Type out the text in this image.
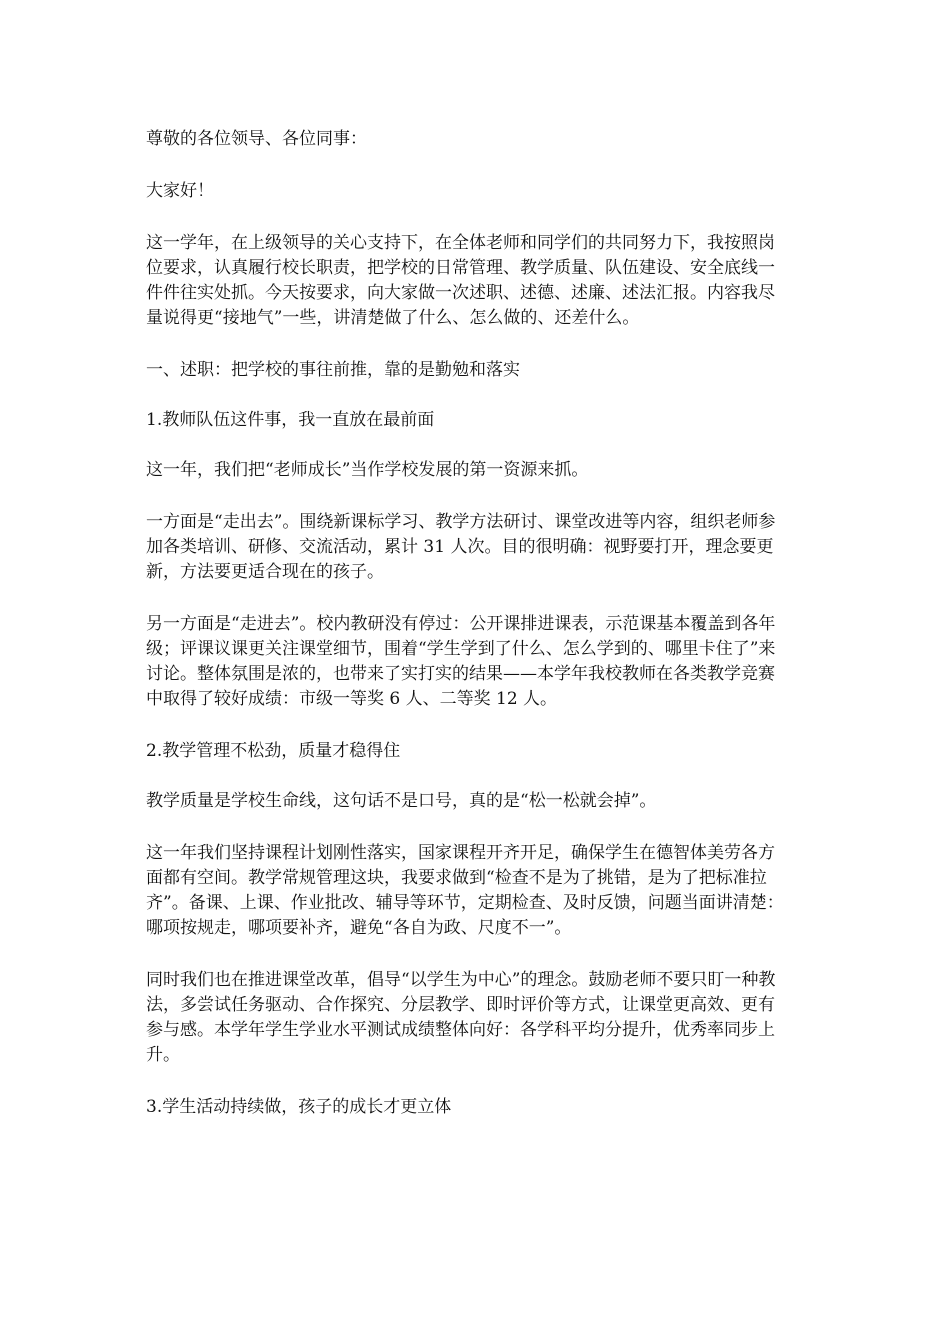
尊敬的各位领导、各位同事：

大家好！

这一学年，在上级领导的关心支持下，在全体老师和同学们的共同努力下，我按照岗位要求，认真履行校长职责，把学校的日常管理、教学质量、队伍建设、安全底线一件件往实处抓。今天按要求，向大家做一次述职、述德、述廉、述法汇报。内容我尽量说得更“接地气”一些，讲清楚做了什么、怎么做的、还差什么。

一、述职：把学校的事往前推，靠的是勤勉和落实

1.教师队伍这件事，我一直放在最前面

这一年，我们把“老师成长”当作学校发展的第一资源来抓。

一方面是“走出去”。围绕新课标学习、教学方法研讨、课堂改进等内容，组织老师参加各类培训、研修、交流活动，累计 31 人次。目的很明确：视野要打开，理念要更新，方法要更适合现在的孩子。

另一方面是“走进去”。校内教研没有停过：公开课排进课表，示范课基本覆盖到各年级；评课议课更关注课堂细节，围着“学生学到了什么、怎么学到的、哪里卡住了”来讨论。整体氛围是浓的，也带来了实打实的结果——本学年我校教师在各类教学竞赛中取得了较好成绩：市级一等奖 6 人、二等奖 12 人。

2.教学管理不松劲，质量才稳得住

教学质量是学校生命线，这句话不是口号，真的是“松一松就会掉”。

这一年我们坚持课程计划刚性落实，国家课程开齐开足，确保学生在德智体美劳各方面都有空间。教学常规管理这块，我要求做到“检查不是为了挑错，是为了把标准拉齐”。备课、上课、作业批改、辅导等环节，定期检查、及时反馈，问题当面讲清楚：哪项按规走，哪项要补齐，避免“各自为政、尺度不一”。

同时我们也在推进课堂改革，倡导“以学生为中心”的理念。鼓励老师不要只盯一种教法，多尝试任务驱动、合作探究、分层教学、即时评价等方式，让课堂更高效、更有参与感。本学年学生学业水平测试成绩整体向好：各学科平均分提升，优秀率同步上升。

3.学生活动持续做，孩子的成长才更立体
